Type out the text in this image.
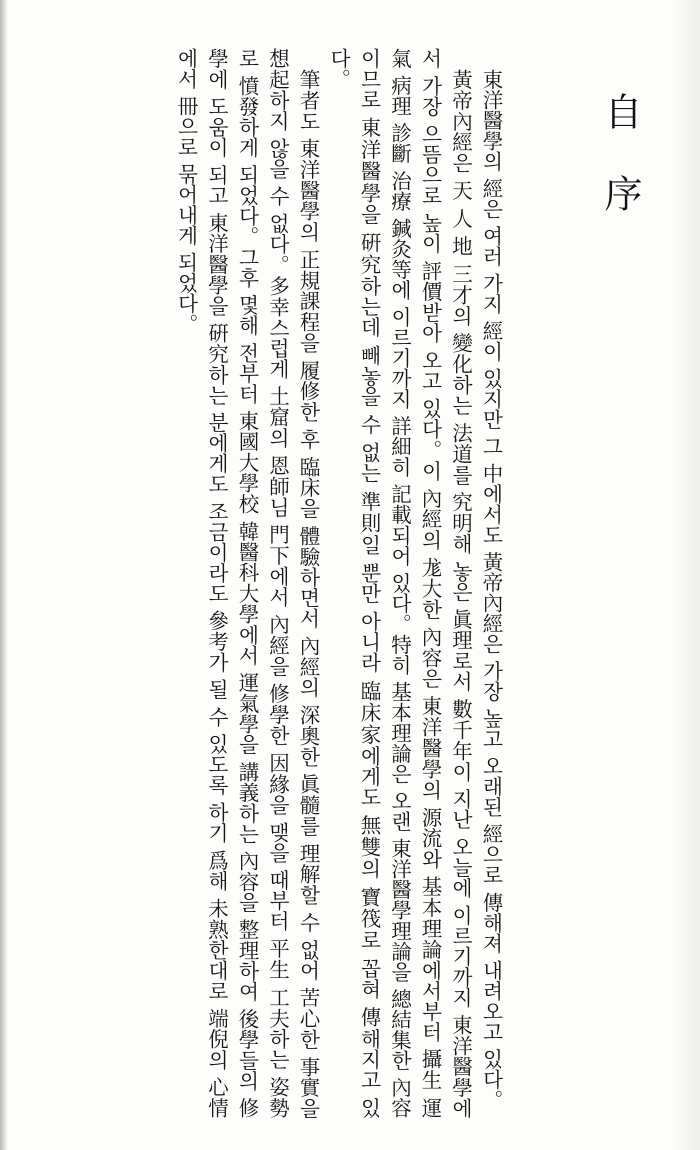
自序

東洋醫學의 經은 여러 가지 經이 있지만 그 中에서도 黃帝內經은 가장 높고 오래된 經으로 傳해져 내려오고 있다。

黃帝內經은 天 人 地 三才의 變化하는 法道를 究明해 놓은 眞理로서 數千年이 지난 오늘에 이르기까지 東洋醫學에서 가장 으뜸으로 높이 評價받아 오고 있다。이 內經의 尨大한 內容은 東洋醫學의 源流와 基本理論에서부터 攝生 運氣 病理 診斷 治療 鍼灸等에 이르기까지 詳細히 記載되어 있다。特히 基本理論은 오랜 東洋醫學理論을 總結集한 內容이므로 東洋醫學을 硏究하는데 빼놓을 수 없는 準則일 뿐만 아니라 臨床家에게도 無雙의 寶筏로 꼽혀 傳해지고 있다。

筆者도 東洋醫學의 正規課程을 履修한 후 臨床을 體驗하면서 內經의 深奧한 眞髓를 理解할 수 없어 苦心한 事實을 想起하지 않을 수 없다。多幸스럽게 土窟의 恩師님 門下에서 內經을 修學한 因緣을 맺을 때부터 平生 工夫하는 姿勢로 憤發하게 되었다。그후 몇해 전부터 東國大學校 韓醫科大學에서 運氣學을 講義하는 內容을 整理하여 後學들의 修學에 도움이 되고 東洋醫學을 硏究하는 분에게도 조금이라도 參考가 될 수 있도록 하기 爲해 未熟한대로 端倪의 心情에서 冊으로 묶어내게 되었다。
